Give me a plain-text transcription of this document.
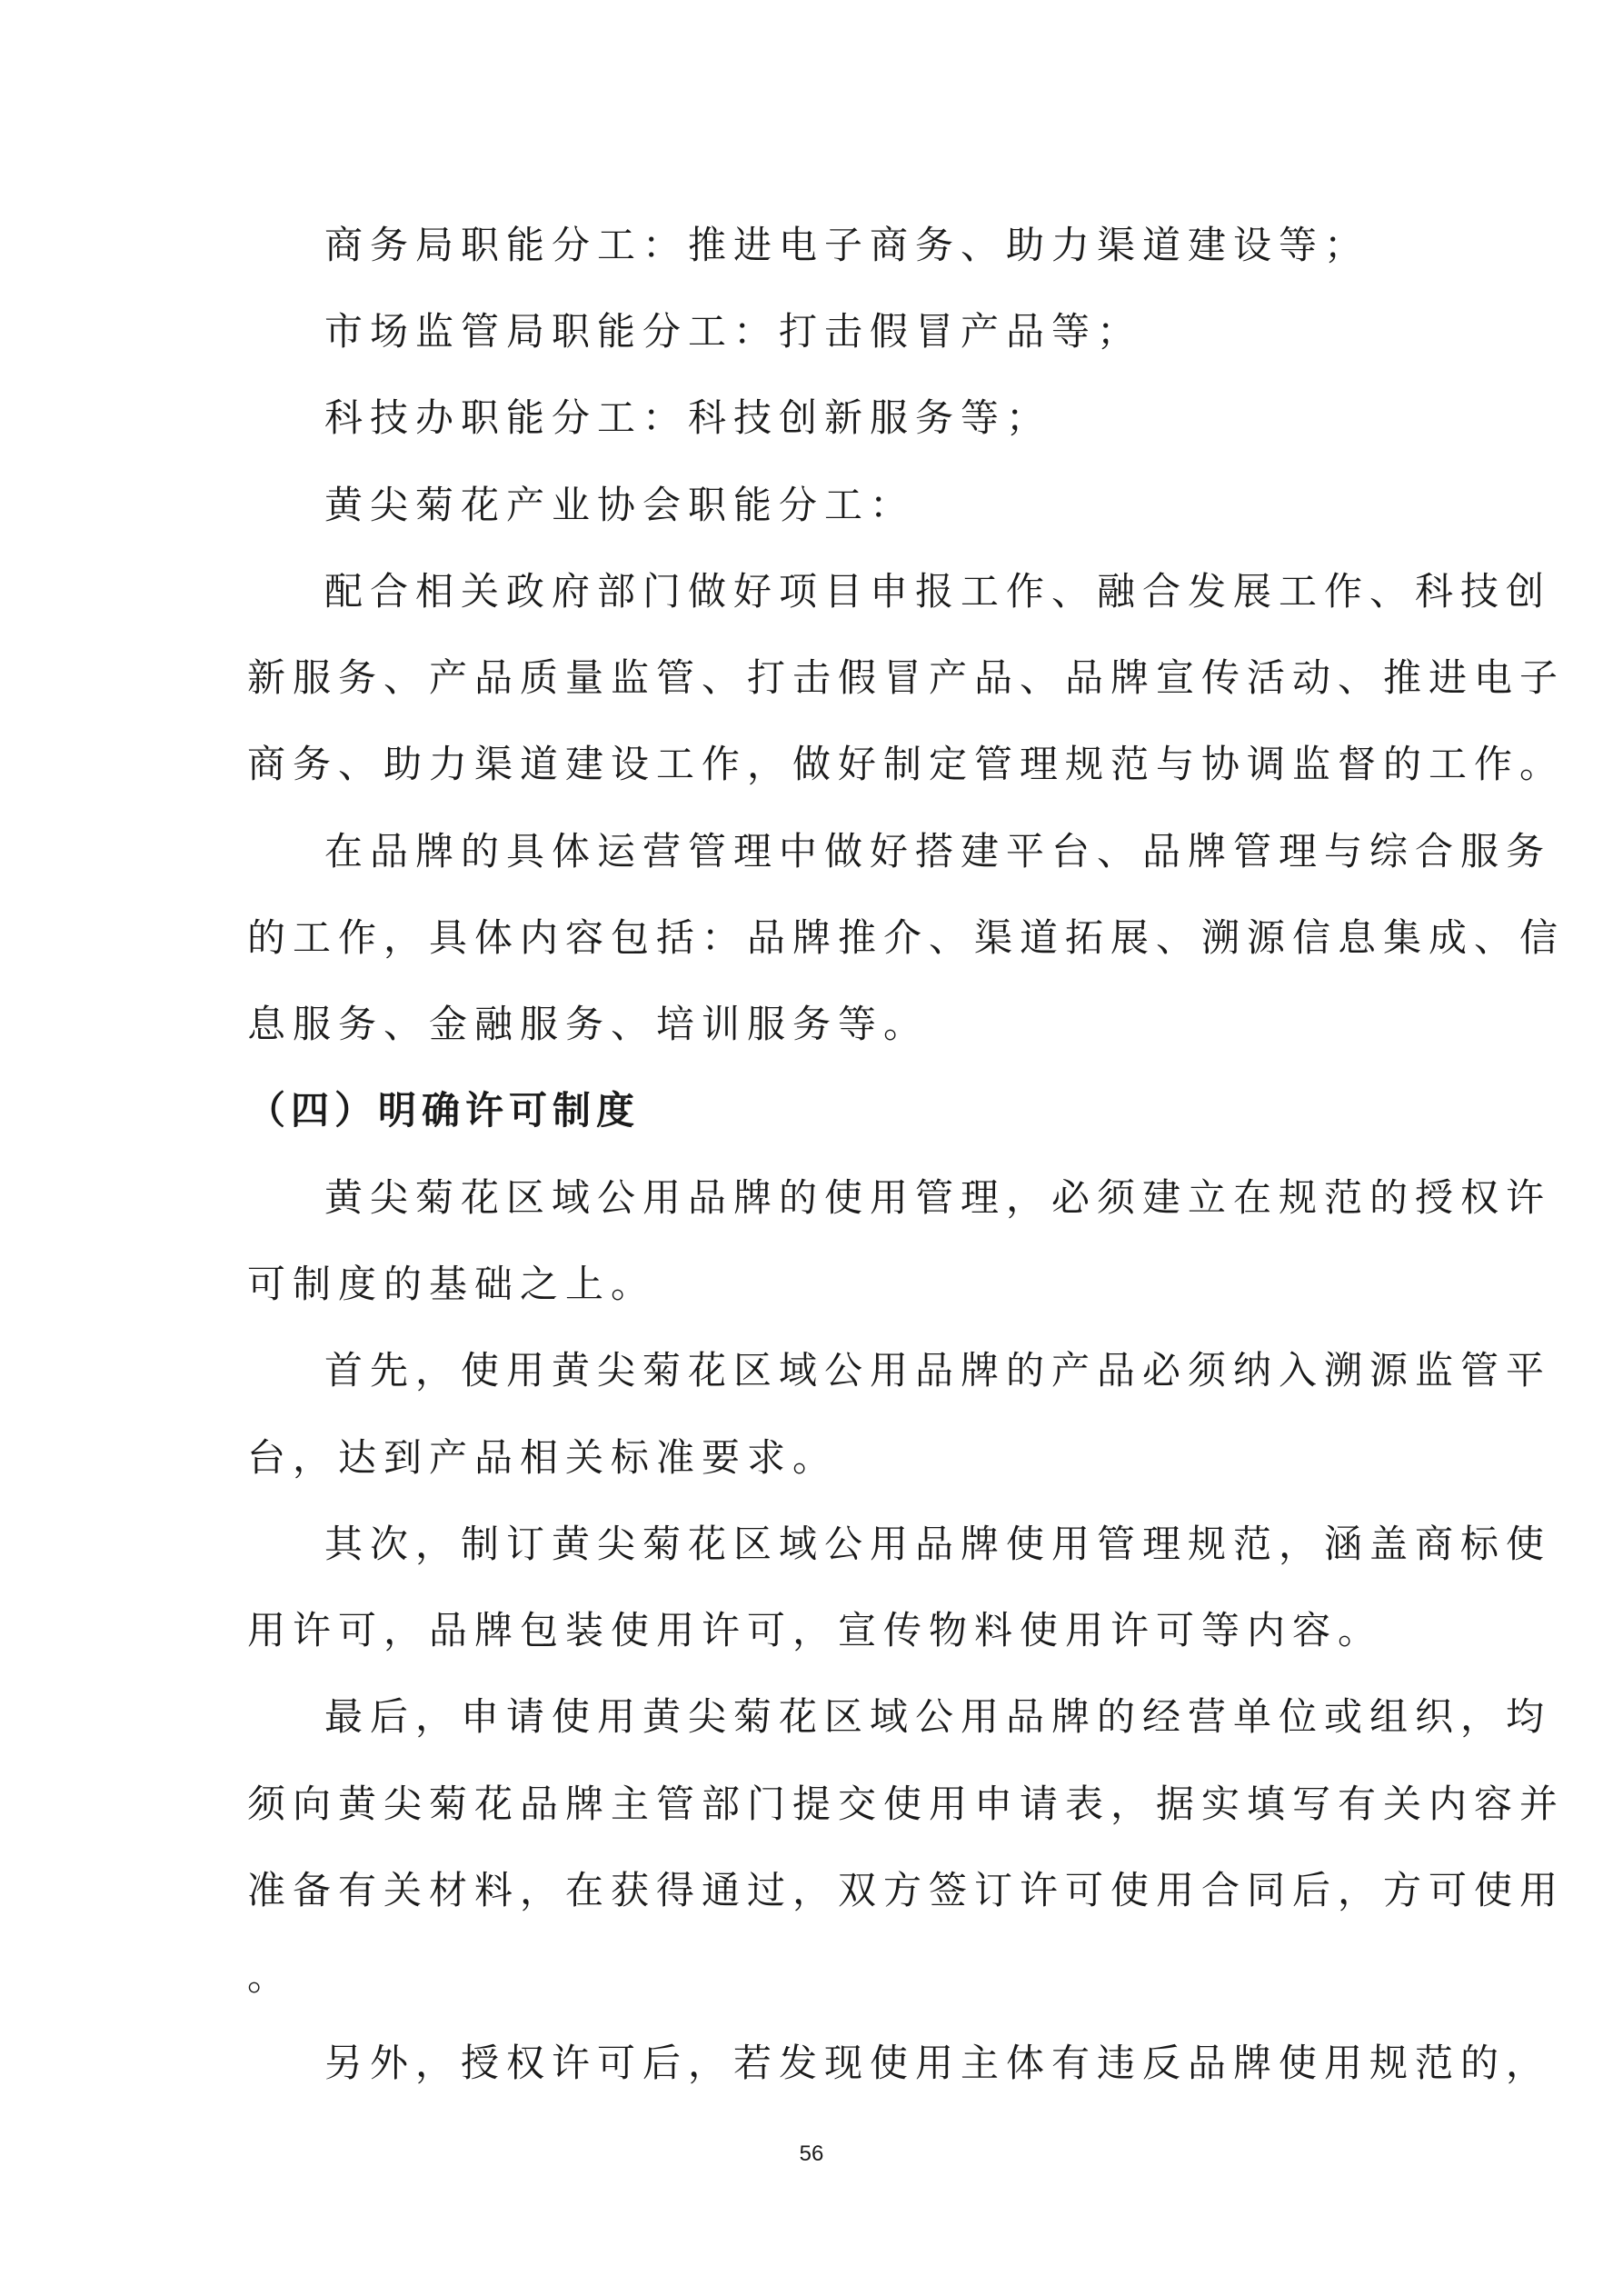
商务局职能分工：推进电子商务、助力渠道建设等；
市场监管局职能分工：打击假冒产品等；
科技办职能分工：科技创新服务等；
黄尖菊花产业协会职能分工：
配合相关政府部门做好项目申报工作、融合发展工作、科技创
新服务、产品质量监管、打击假冒产品、品牌宣传活动、推进电子
商务、助力渠道建设工作，做好制定管理规范与协调监督的工作。
在品牌的具体运营管理中做好搭建平台、品牌管理与综合服务
的工作，具体内容包括：品牌推介、渠道拓展、溯源信息集成、信
息服务、金融服务、培训服务等。
（四）明确许可制度
黄尖菊花区域公用品牌的使用管理，必须建立在规范的授权许
可制度的基础之上。
首先，使用黄尖菊花区域公用品牌的产品必须纳入溯源监管平
台，达到产品相关标准要求。
其次，制订黄尖菊花区域公用品牌使用管理规范，涵盖商标使
用许可，品牌包装使用许可，宣传物料使用许可等内容。
最后，申请使用黄尖菊花区域公用品牌的经营单位或组织，均
须向黄尖菊花品牌主管部门提交使用申请表，据实填写有关内容并
准备有关材料，在获得通过，双方签订许可使用合同后，方可使用
。
另外，授权许可后，若发现使用主体有违反品牌使用规范的，
56
